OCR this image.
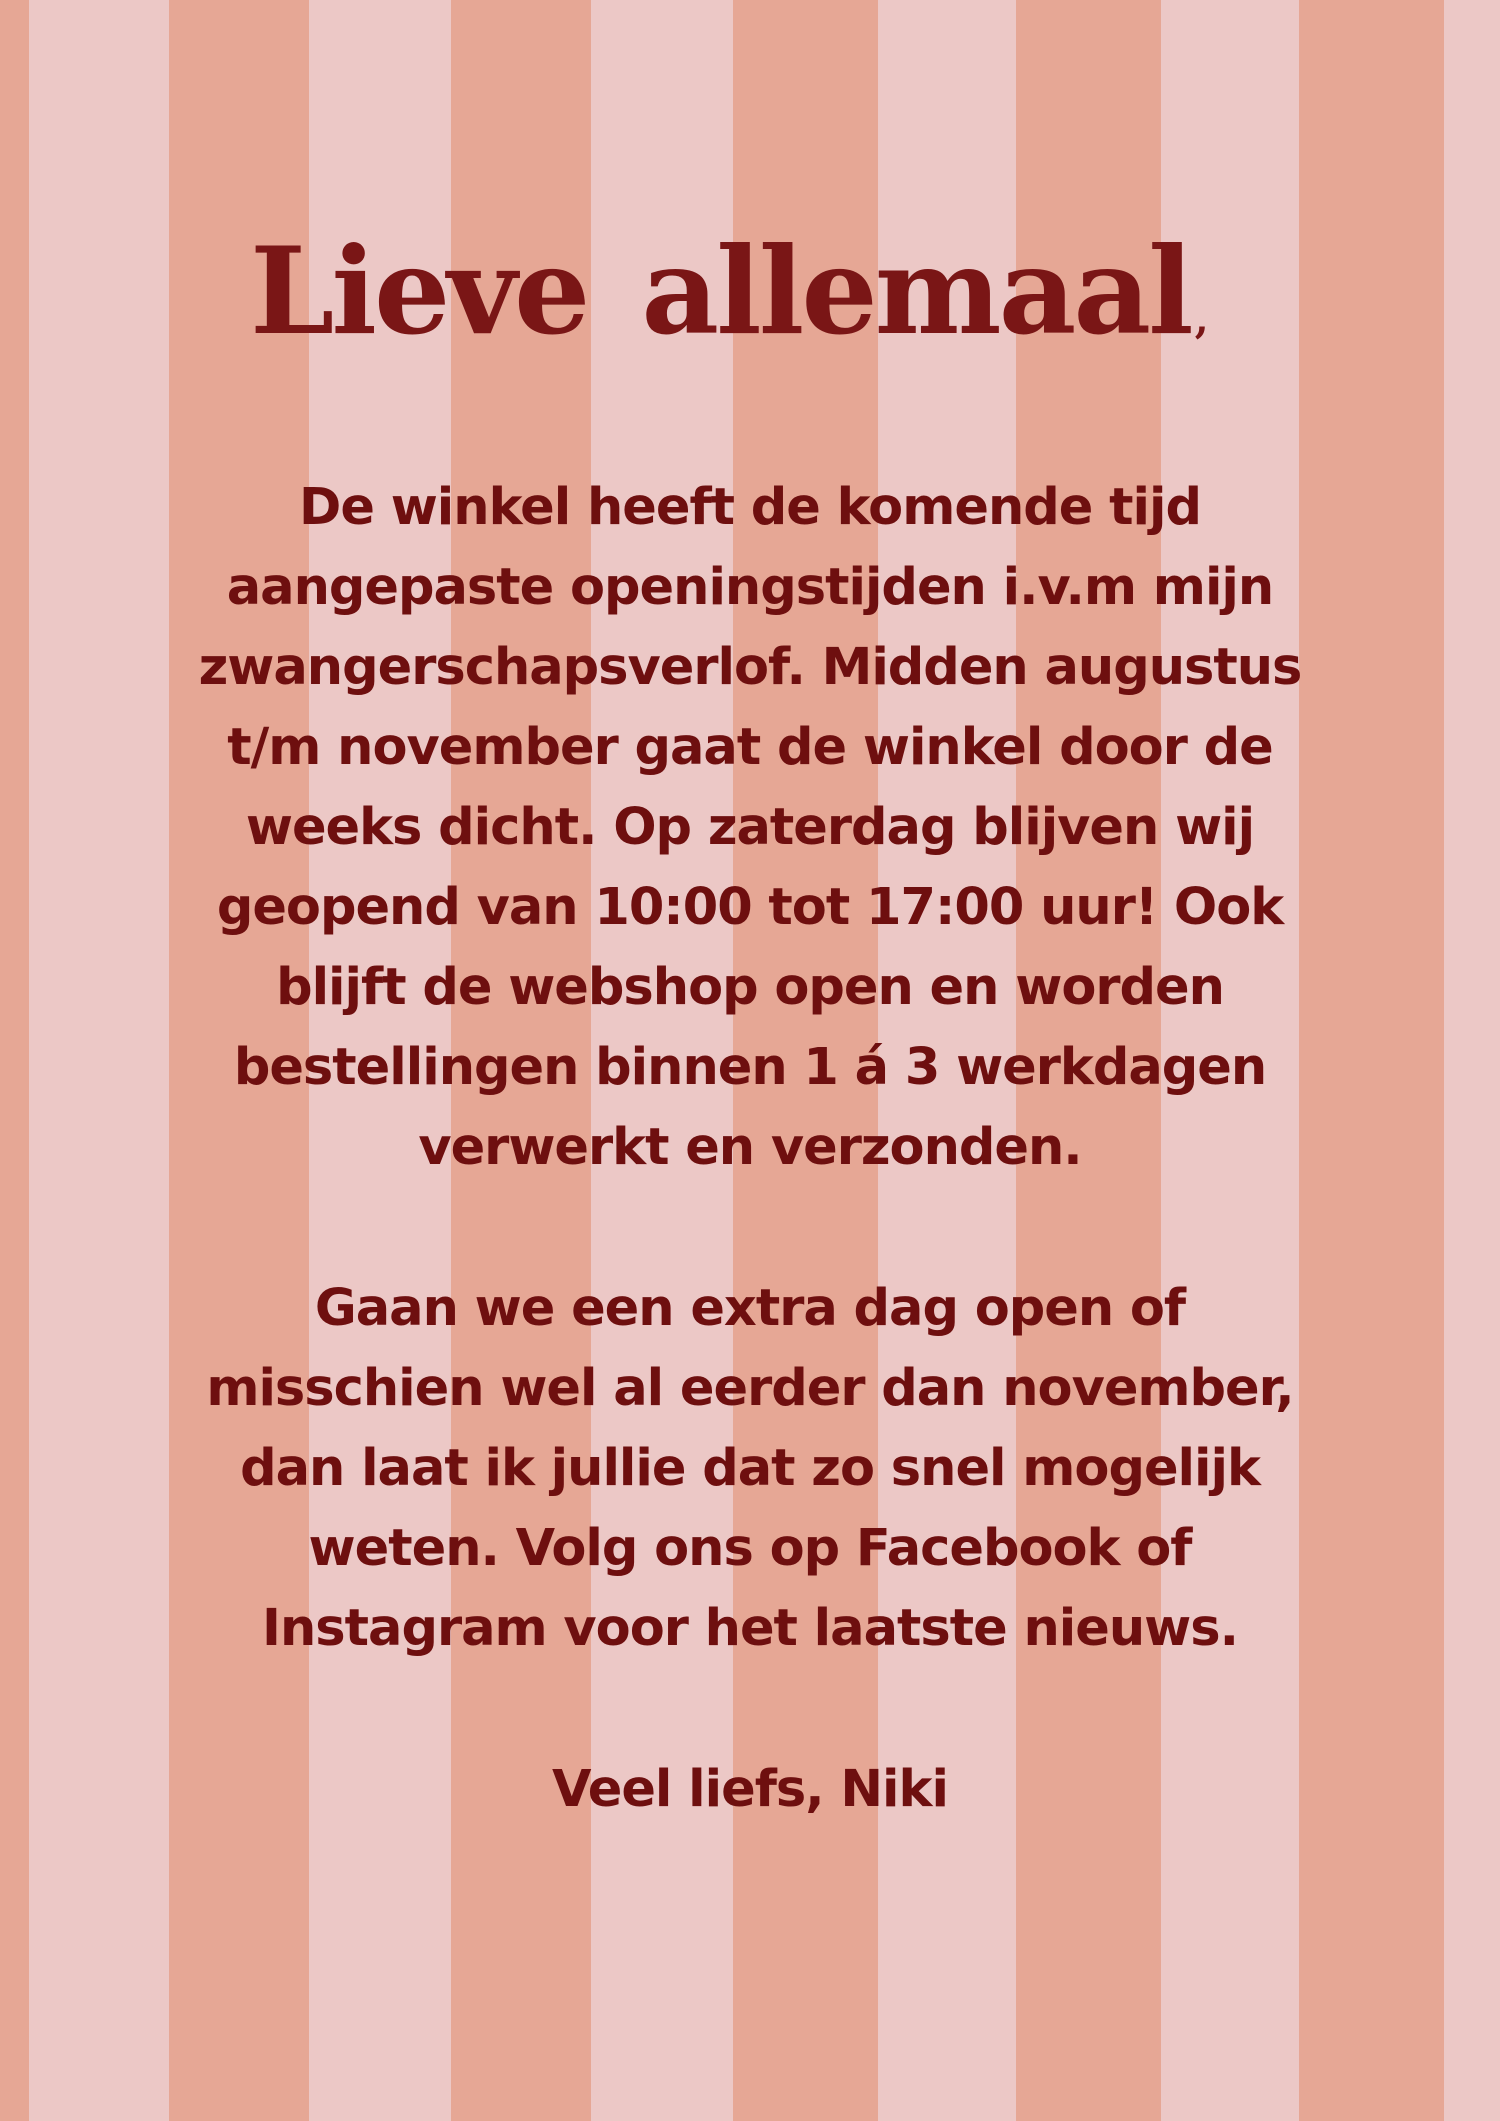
Lieve allemaal ,
De winkel heeft de komende tijd
aangepaste openingstijden i.v.m mijn
zwangerschapsverlof. Midden augustus
t/m november gaat de winkel door de
weeks dicht. Op zaterdag blijven wij
geopend van 10:00 tot 17:00 uur! Ook
blijft de webshop open en worden
bestellingen binnen 1 á 3 werkdagen
verwerkt en verzonden.
Gaan we een extra dag open of
misschien wel al eerder dan november,
dan laat ik jullie dat zo snel mogelijk
weten. Volg ons op Facebook of
Instagram voor het laatste nieuws.
Veel liefs, Niki
